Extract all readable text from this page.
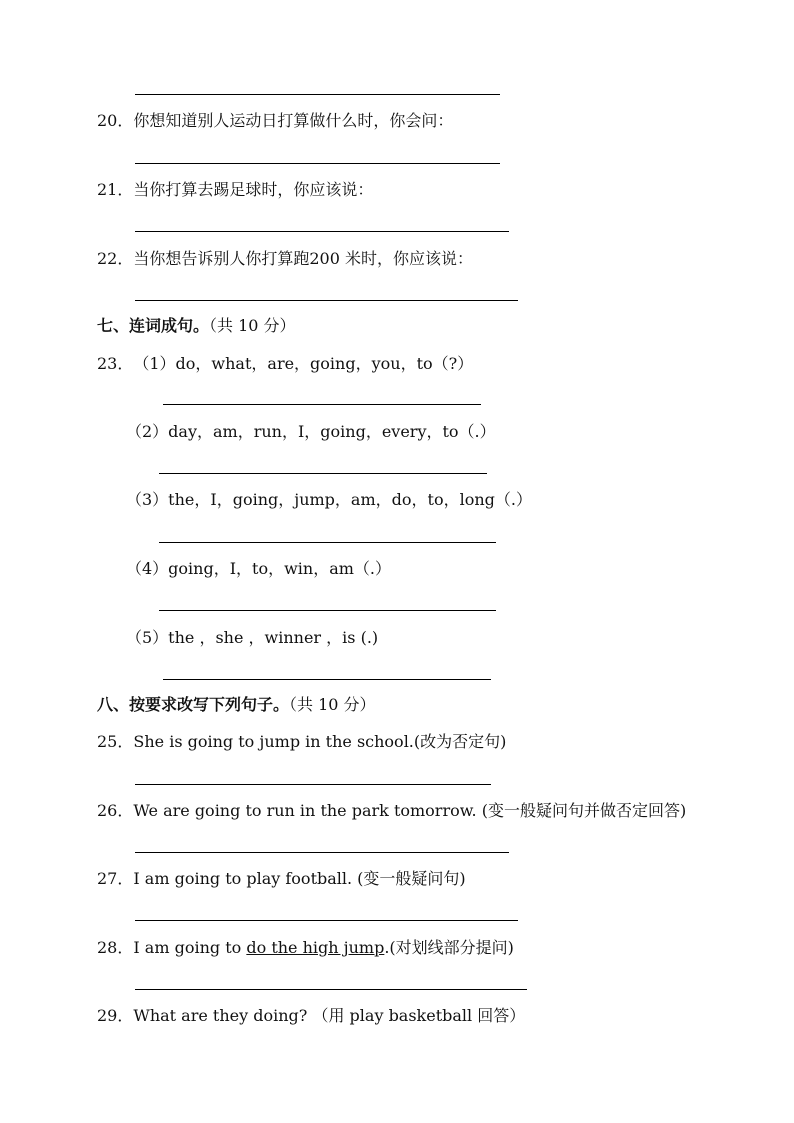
20．你想知道别人运动日打算做什么时，你会问：
21．当你打算去踢足球时，你应该说：
22．当你想告诉别人你打算跑200 米时，你应该说：
七、连词成句。（共 10 分）
23．（1）do，what，are，going，you，to（?）
（2）day，am，run，I，going，every，to（.）
（3）the，I，going，jump，am，do，to，long（.）
（4）going，I，to，win，am（.）
（5）the ，she ，winner ，is (.)
八、按要求改写下列句子。（共 10 分）
25．She is going to jump in the school.(改为否定句)
26．We are going to run in the park tomorrow. (变一般疑问句并做否定回答)
27．I am going to play football. (变一般疑问句)
28．I am going to do the high jump.(对划线部分提问)
29．What are they doing? （用 play basketball 回答）
